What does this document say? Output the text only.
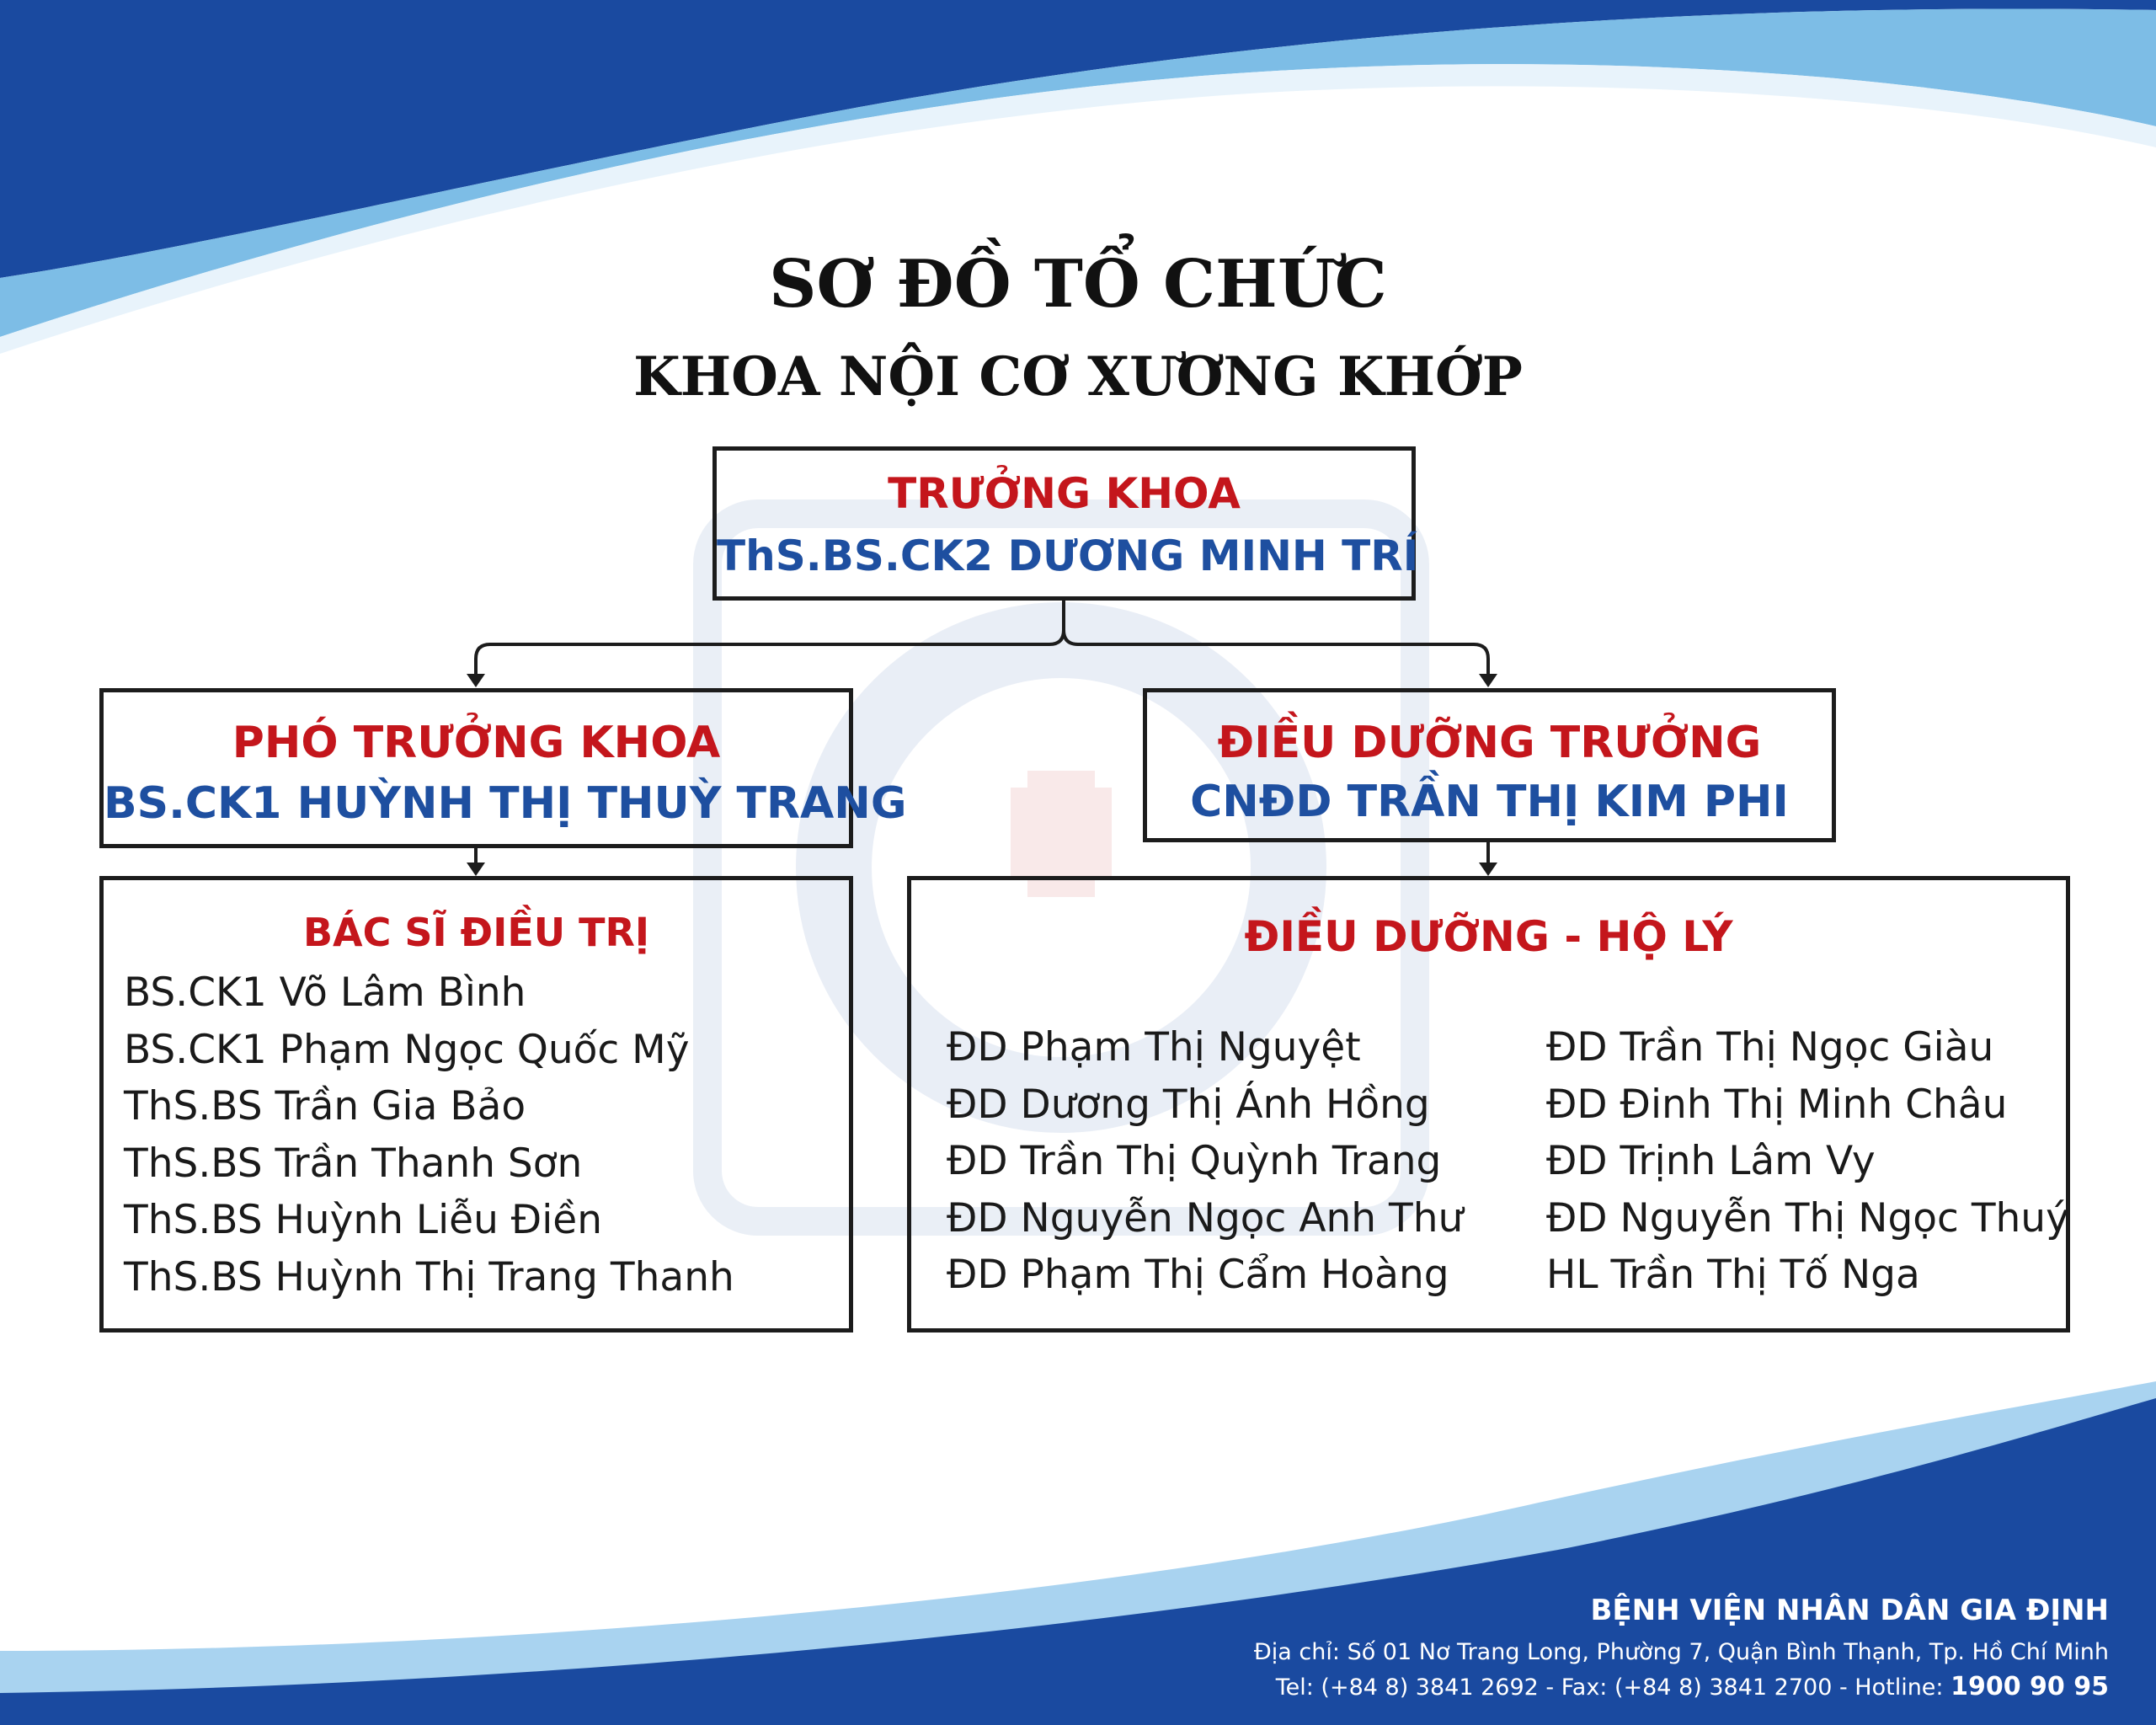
SƠ ĐỒ TỔ CHỨC
KHOA NỘI CƠ XƯƠNG KHỚP
TRƯỞNG KHOA
ThS.BS.CK2 DƯƠNG MINH TRÍ
PHÓ TRƯỞNG KHOA
BS.CK1 HUỲNH THỊ THUỲ TRANG
ĐIỀU DƯỠNG TRƯỞNG
CNĐD TRẦN THỊ KIM PHI
BÁC SĨ ĐIỀU TRỊ
BS.CK1 Võ Lâm Bình
BS.CK1 Phạm Ngọc Quốc Mỹ
ThS.BS Trần Gia Bảo
ThS.BS Trần Thanh Sơn
ThS.BS Huỳnh Liễu Điền
ThS.BS Huỳnh Thị Trang Thanh
ĐIỀU DƯỠNG - HỘ LÝ
ĐD Phạm Thị Nguyệt
ĐD Dương Thị Ánh Hồng
ĐD Trần Thị Quỳnh Trang
ĐD Nguyễn Ngọc Anh Thư
ĐD Phạm Thị Cẩm Hoàng
ĐD Trần Thị Ngọc Giàu
ĐD Đinh Thị Minh Châu
ĐD Trịnh Lâm Vy
ĐD Nguyễn Thị Ngọc Thuý
HL Trần Thị Tố Nga
BỆNH VIỆN NHÂN DÂN GIA ĐỊNH
Địa chỉ: Số 01 Nơ Trang Long, Phường 7, Quận Bình Thạnh, Tp. Hồ Chí Minh
Tel: (+84 8) 3841 2692 - Fax: (+84 8) 3841 2700 - Hotline: 1900 90 95
